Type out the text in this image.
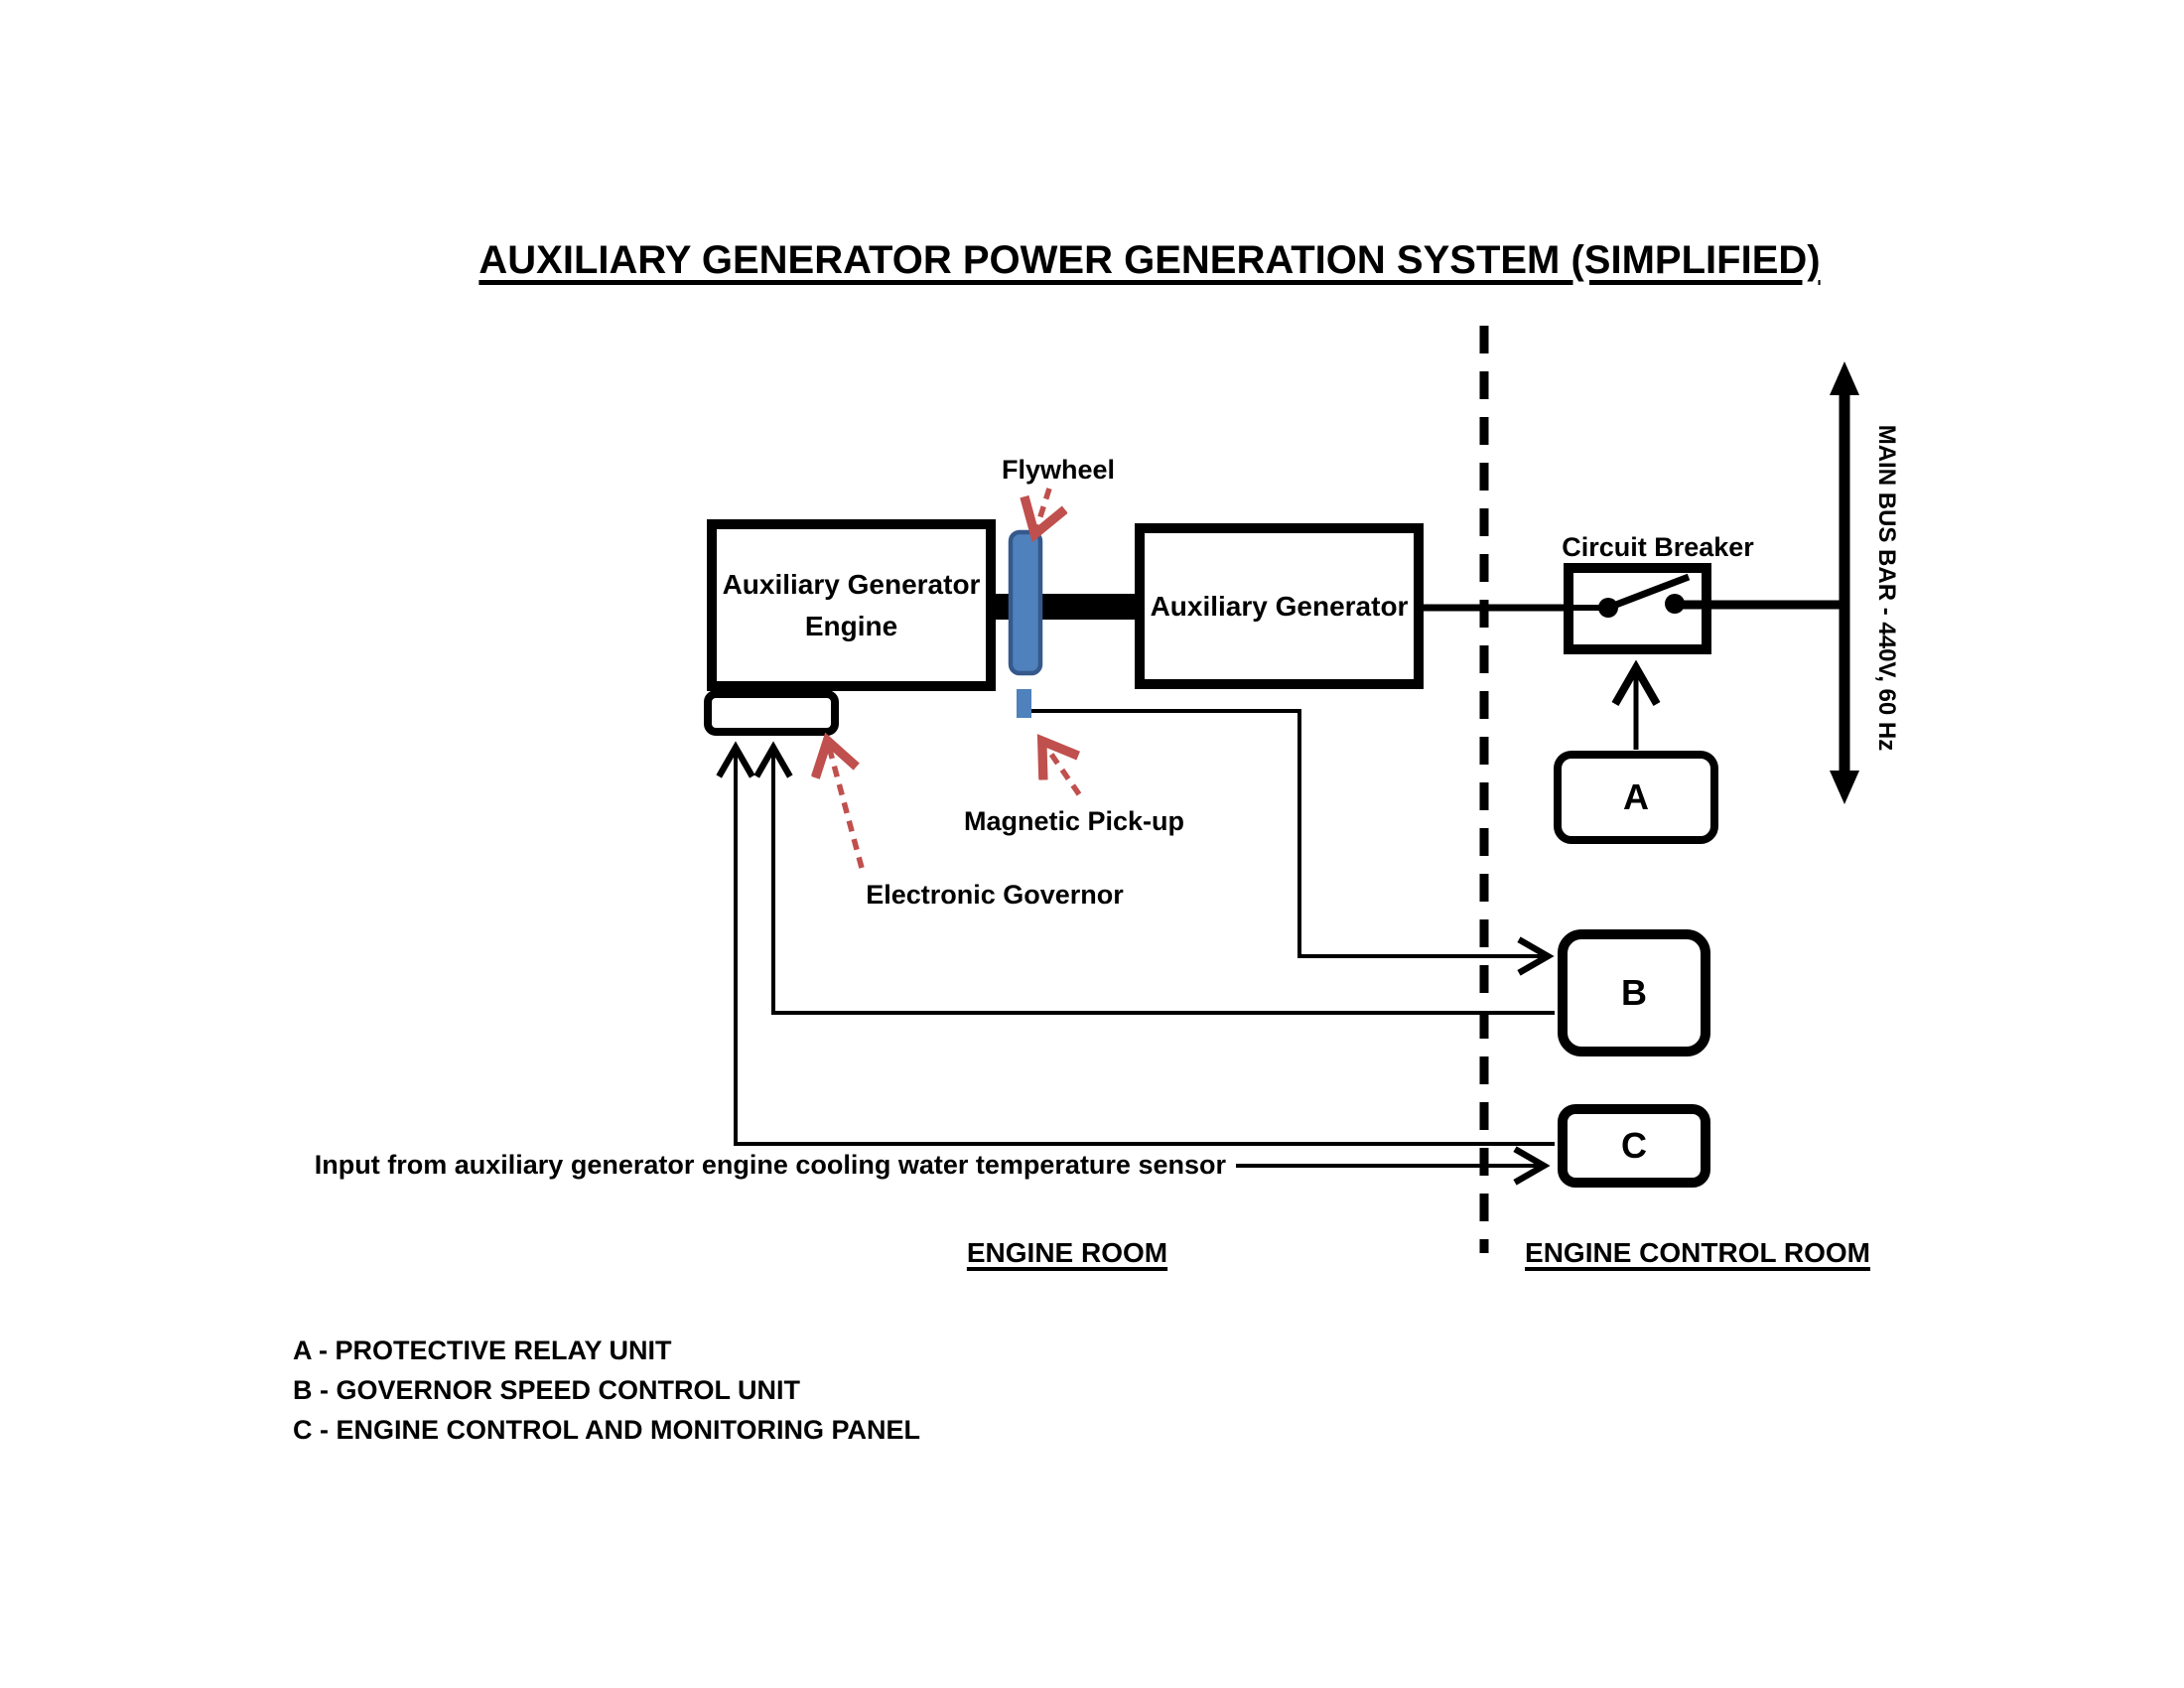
AUXILIARY GENERATOR POWER GENERATION SYSTEM (SIMPLIFIED)
Auxiliary Generator
Engine
Auxiliary Generator
Circuit Breaker
A
B
C
Flywheel
Magnetic Pick-up
Electronic Governor
Input from auxiliary generator engine cooling water temperature sensor
MAIN BUS BAR - 440V, 60 Hz
ENGINE ROOM	ENGINE CONTROL ROOM
A - PROTECTIVE RELAY UNIT
B - GOVERNOR SPEED CONTROL UNIT
C - ENGINE CONTROL AND MONITORING PANEL
